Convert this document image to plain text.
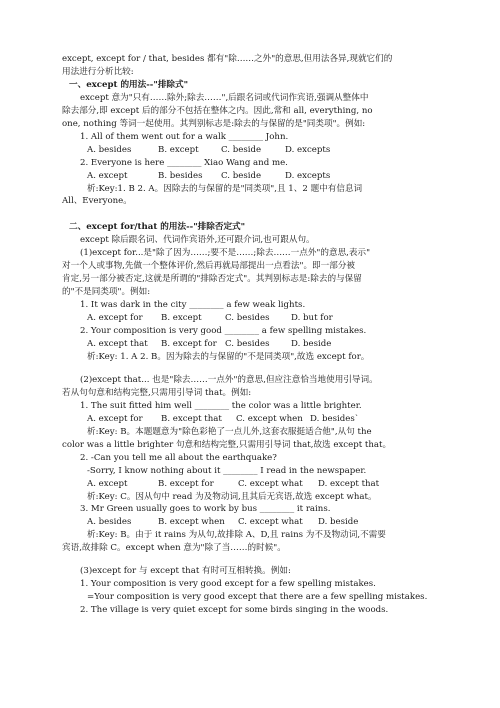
except, except for / that, besides 都有"除……之外"的意思,但用法各异,现就它们的

用法进行分析比较:

一、except 的用法--"排除式"

except 意为"只有……除外;除去……",后跟名词或代词作宾语,强调从整体中

除去部分,即 except 后的部分不包括在整体之内。因此,常和 all, everything, no

one, nothing 等词一起使用。其判别标志是:除去的与保留的是"同类项"。例如:

1. All of them went out for a walk ________ John.

A. besides	B. except	C. beside	D. excepts

2. Everyone is here ________ Xiao Wang and me.

A. except	B. besides	C. beside	D. excepts

析:Key:1. B 2. A。因除去的与保留的是"同类项",且 1、2 题中有信息词

All、Everyone。

二、except for/that 的用法--"排除否定式"

except 除后跟名词、代词作宾语外,还可跟介词,也可跟从句。

(1)except for...是"除了因为……;要不是……;除去……一点外"的意思,表示"

对一个人或事物,先做一个整体评价,然后再就局部提出一点看法"。即一部分被

肯定,另一部分被否定,这就是所谓的"排除否定式"。其判别标志是:除去的与保留

的"不是同类项"。例如:

1. It was dark in the city ________ a few weak lights.

A. except for	B. except	C. besides	D. but for

2. Your composition is very good ________ a few spelling mistakes.

A. except that	B. except for C. besides	D. beside

析:Key: 1. A 2. B。因为除去的与保留的"不是同类项",故选 except for。

(2)except that... 也是"除去……一点外"的意思,但应注意恰当地使用引导词。

若从句句意和结构完整,只需用引导词 that。例如:

1. The suit fitted him well ________ the color was a little brighter.

A. except for	B. except that	C. except when D. besides`

析:Key: B。本题题意为"除色彩艳了一点儿外,这套衣服挺适合他",从句 the

color was a little brighter 句意和结构完整,只需用引导词 that,故选 except that。

2. -Can you tell me all about the earthquake?

-Sorry, I know nothing about it ________ I read in the newspaper.

A. except	B. except for	C. except what	D. except that

析:Key: C。因从句中 read 为及物动词,且其后无宾语,故选 except what。

3. Mr Green usually goes to work by bus ________ it rains.

A. besides	B. except when	C. except what	D. beside

析:Key: B。由于 it rains 为从句,故排除 A、D,且 rains 为不及物动词,不需要

宾语,故排除 C。except when 意为"除了当……的时候"。

(3)except for 与 except that 有时可互相转换。例如:

1. Your composition is very good except for a few spelling mistakes.

=Your composition is very good except that there are a few spelling mistakes.

2. The village is very quiet except for some birds singing in the woods.
